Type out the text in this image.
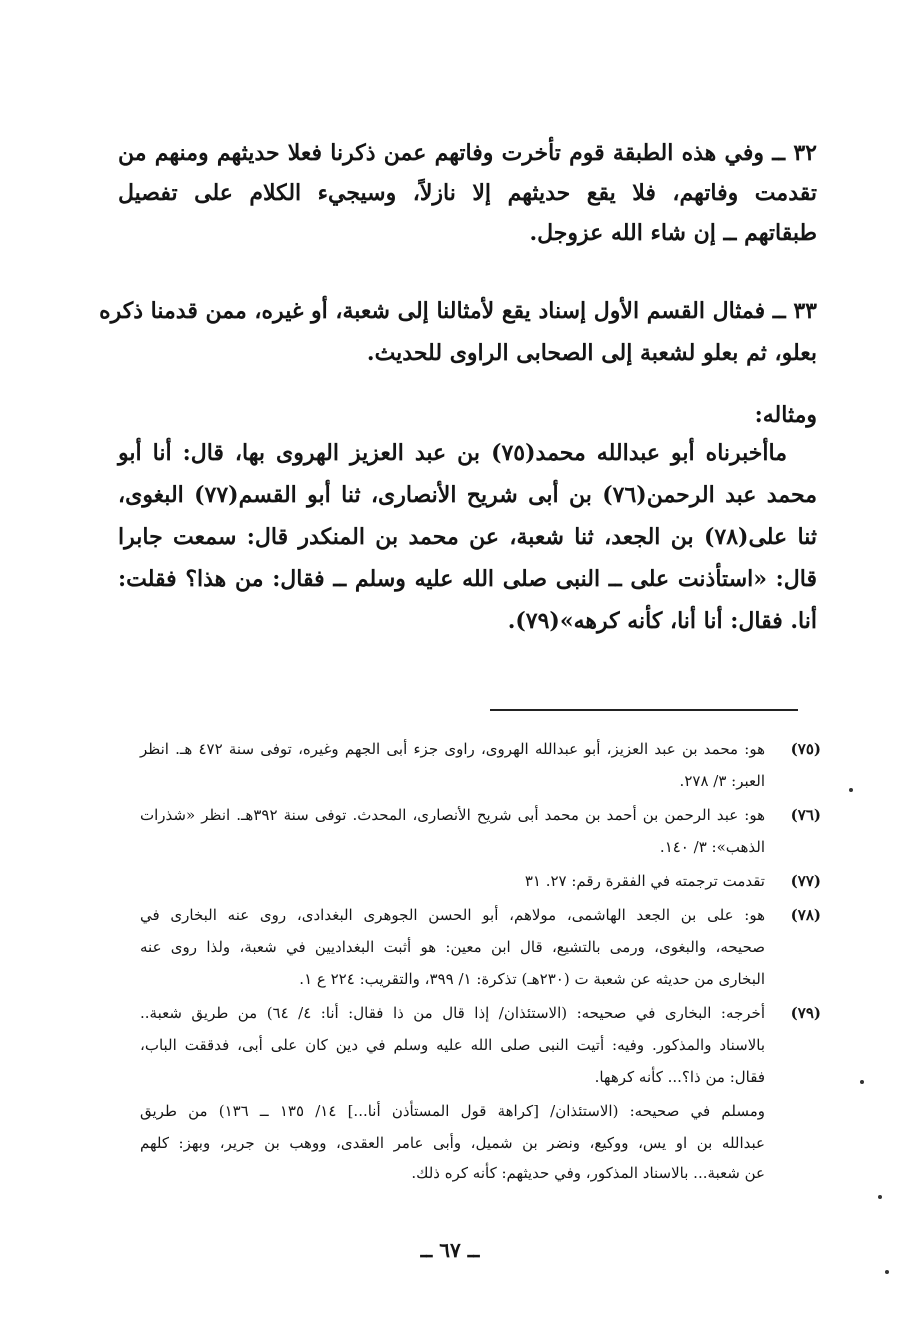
٣٢ ــ وفي هذه الطبقة قوم تأخرت وفاتهم عمن ذكرنا فعلا حديثهم ومنهم من
تقدمت وفاتهم، فلا يقع حديثهم إلا نازلاً، وسيجيء الكلام على تفصيل
طبقاتهم ــ إن شاء الله عزوجل.
٣٣ ــ فمثال القسم الأول إسناد يقع لأمثالنا إلى شعبة، أو غيره، ممن قدمنا ذكره
بعلو، ثم بعلو لشعبة إلى الصحابى الراوى للحديث.
ومثاله:
ماأخبرناه أبو عبدالله محمد(٧٥) بن عبد العزيز الهروى بها، قال: أنا أبو
محمد عبد الرحمن(٧٦) بن أبى شريح الأنصارى، ثنا أبو القسم(٧٧) البغوى،
ثنا على(٧٨) بن الجعد، ثنا شعبة، عن محمد بن المنكدر قال: سمعت جابرا
قال: «استأذنت على ــ النبى صلى الله عليه وسلم ــ فقال: من هذا؟ فقلت:
أنا. فقال: أنا أنا، كأنه كرهه»(٧٩).
(٧٥)
هو: محمد بن عبد العزيز، أبو عبدالله الهروى، راوى جزء أبى الجهم وغيره، توفى سنة ٤٧٢ هـ. انظر
العبر: ٣/ ٢٧٨.
(٧٦)
هو: عبد الرحمن بن أحمد بن محمد أبى شريح الأنصارى، المحدث. توفى سنة ٣٩٢هـ. انظر «شذرات
الذهب»: ٣/ ١٤٠.
(٧٧)
تقدمت ترجمته في الفقرة رقم: ٢٧. ٣١
(٧٨)
هو: على بن الجعد الهاشمى، مولاهم، أبو الحسن الجوهرى البغدادى، روى عنه البخارى في
صحيحه، والبغوى، ورمى بالتشيع، قال ابن معين: هو أثبت البغداديين في شعبة، ولذا روى عنه
البخارى من حديثه عن شعبة ت (٢٣٠هـ) تذكرة: ١/ ٣٩٩، والتقريب: ٢٢٤ ع ١.
(٧٩)
أخرجه: البخارى في صحيحه: (الاستئذان/ إذا قال من ذا فقال: أنا: ٤/ ٦٤) من طريق شعبة..
بالاسناد والمذكور. وفيه: أتيت النبى صلى الله عليه وسلم في دين كان على أبى، فدققت الباب،
فقال: من ذا؟... كأنه كرهها.
ومسلم في صحيحه: (الاستئذان/ [كراهة قول المستأذن أنا...] ١٤/ ١٣٥ ــ ١٣٦) من طريق
عبدالله بن او يس، ووكيع، ونضر بن شميل، وأبى عامر العقدى، ووهب بن جرير، وبهز: كلهم
عن شعبة... بالاسناد المذكور، وفي حديثهم: كأنه كره ذلك.
ــ ٦٧ ــ
